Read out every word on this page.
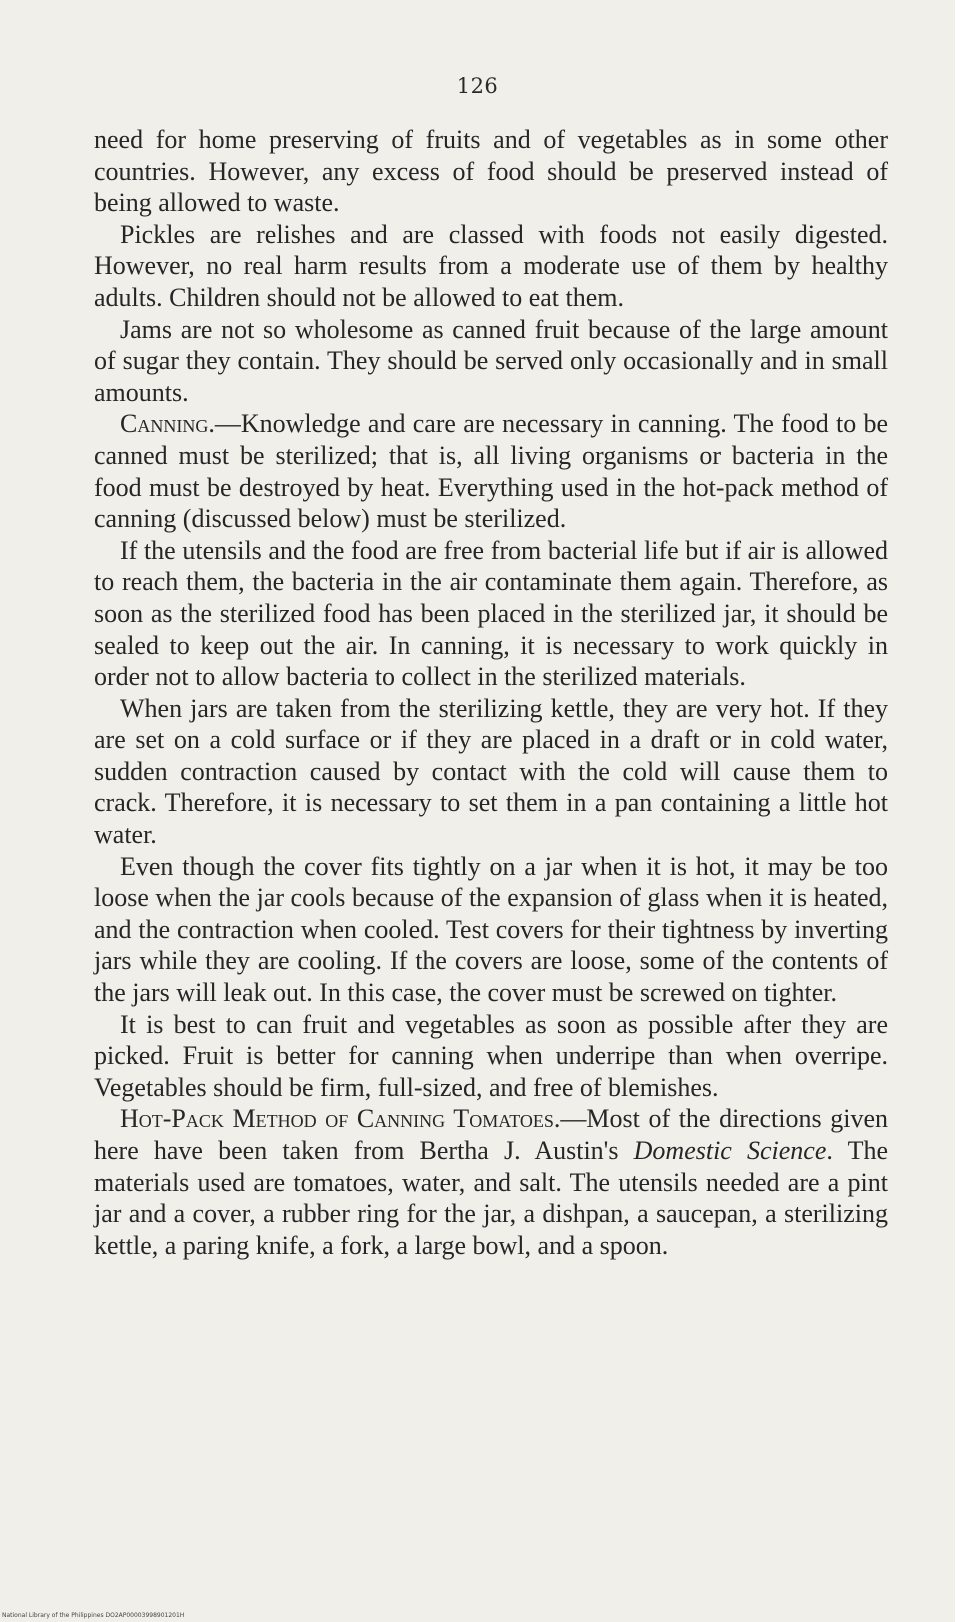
126

need for home preserving of fruits and of vegetables as in some other countries. However, any excess of food should be preserved instead of being allowed to waste.

Pickles are relishes and are classed with foods not easily digested. However, no real harm results from a moderate use of them by healthy adults. Children should not be allowed to eat them.

Jams are not so wholesome as canned fruit because of the large amount of sugar they contain. They should be served only occasionally and in small amounts.

Canning.—Knowledge and care are necessary in canning. The food to be canned must be sterilized; that is, all living organisms or bacteria in the food must be destroyed by heat. Everything used in the hot-pack method of canning (discussed below) must be sterilized.

If the utensils and the food are free from bacterial life but if air is allowed to reach them, the bacteria in the air contaminate them again. Therefore, as soon as the sterilized food has been placed in the sterilized jar, it should be sealed to keep out the air. In canning, it is necessary to work quickly in order not to allow bacteria to collect in the sterilized materials.

When jars are taken from the sterilizing kettle, they are very hot. If they are set on a cold surface or if they are placed in a draft or in cold water, sudden contraction caused by contact with the cold will cause them to crack. Therefore, it is necessary to set them in a pan containing a little hot water.

Even though the cover fits tightly on a jar when it is hot, it may be too loose when the jar cools because of the expansion of glass when it is heated, and the contraction when cooled. Test covers for their tightness by inverting jars while they are cooling. If the covers are loose, some of the contents of the jars will leak out. In this case, the cover must be screwed on tighter.

It is best to can fruit and vegetables as soon as possible after they are picked. Fruit is better for canning when underripe than when overripe. Vegetables should be firm, full-sized, and free of blemishes.

Hot-Pack Method of Canning Tomatoes.—Most of the directions given here have been taken from Bertha J. Austin's Domestic Science. The materials used are tomatoes, water, and salt. The utensils needed are a pint jar and a cover, a rubber ring for the jar, a dishpan, a saucepan, a sterilizing kettle, a paring knife, a fork, a large bowl, and a spoon.

National Library of the Philippines DO2AP00003998901201H
